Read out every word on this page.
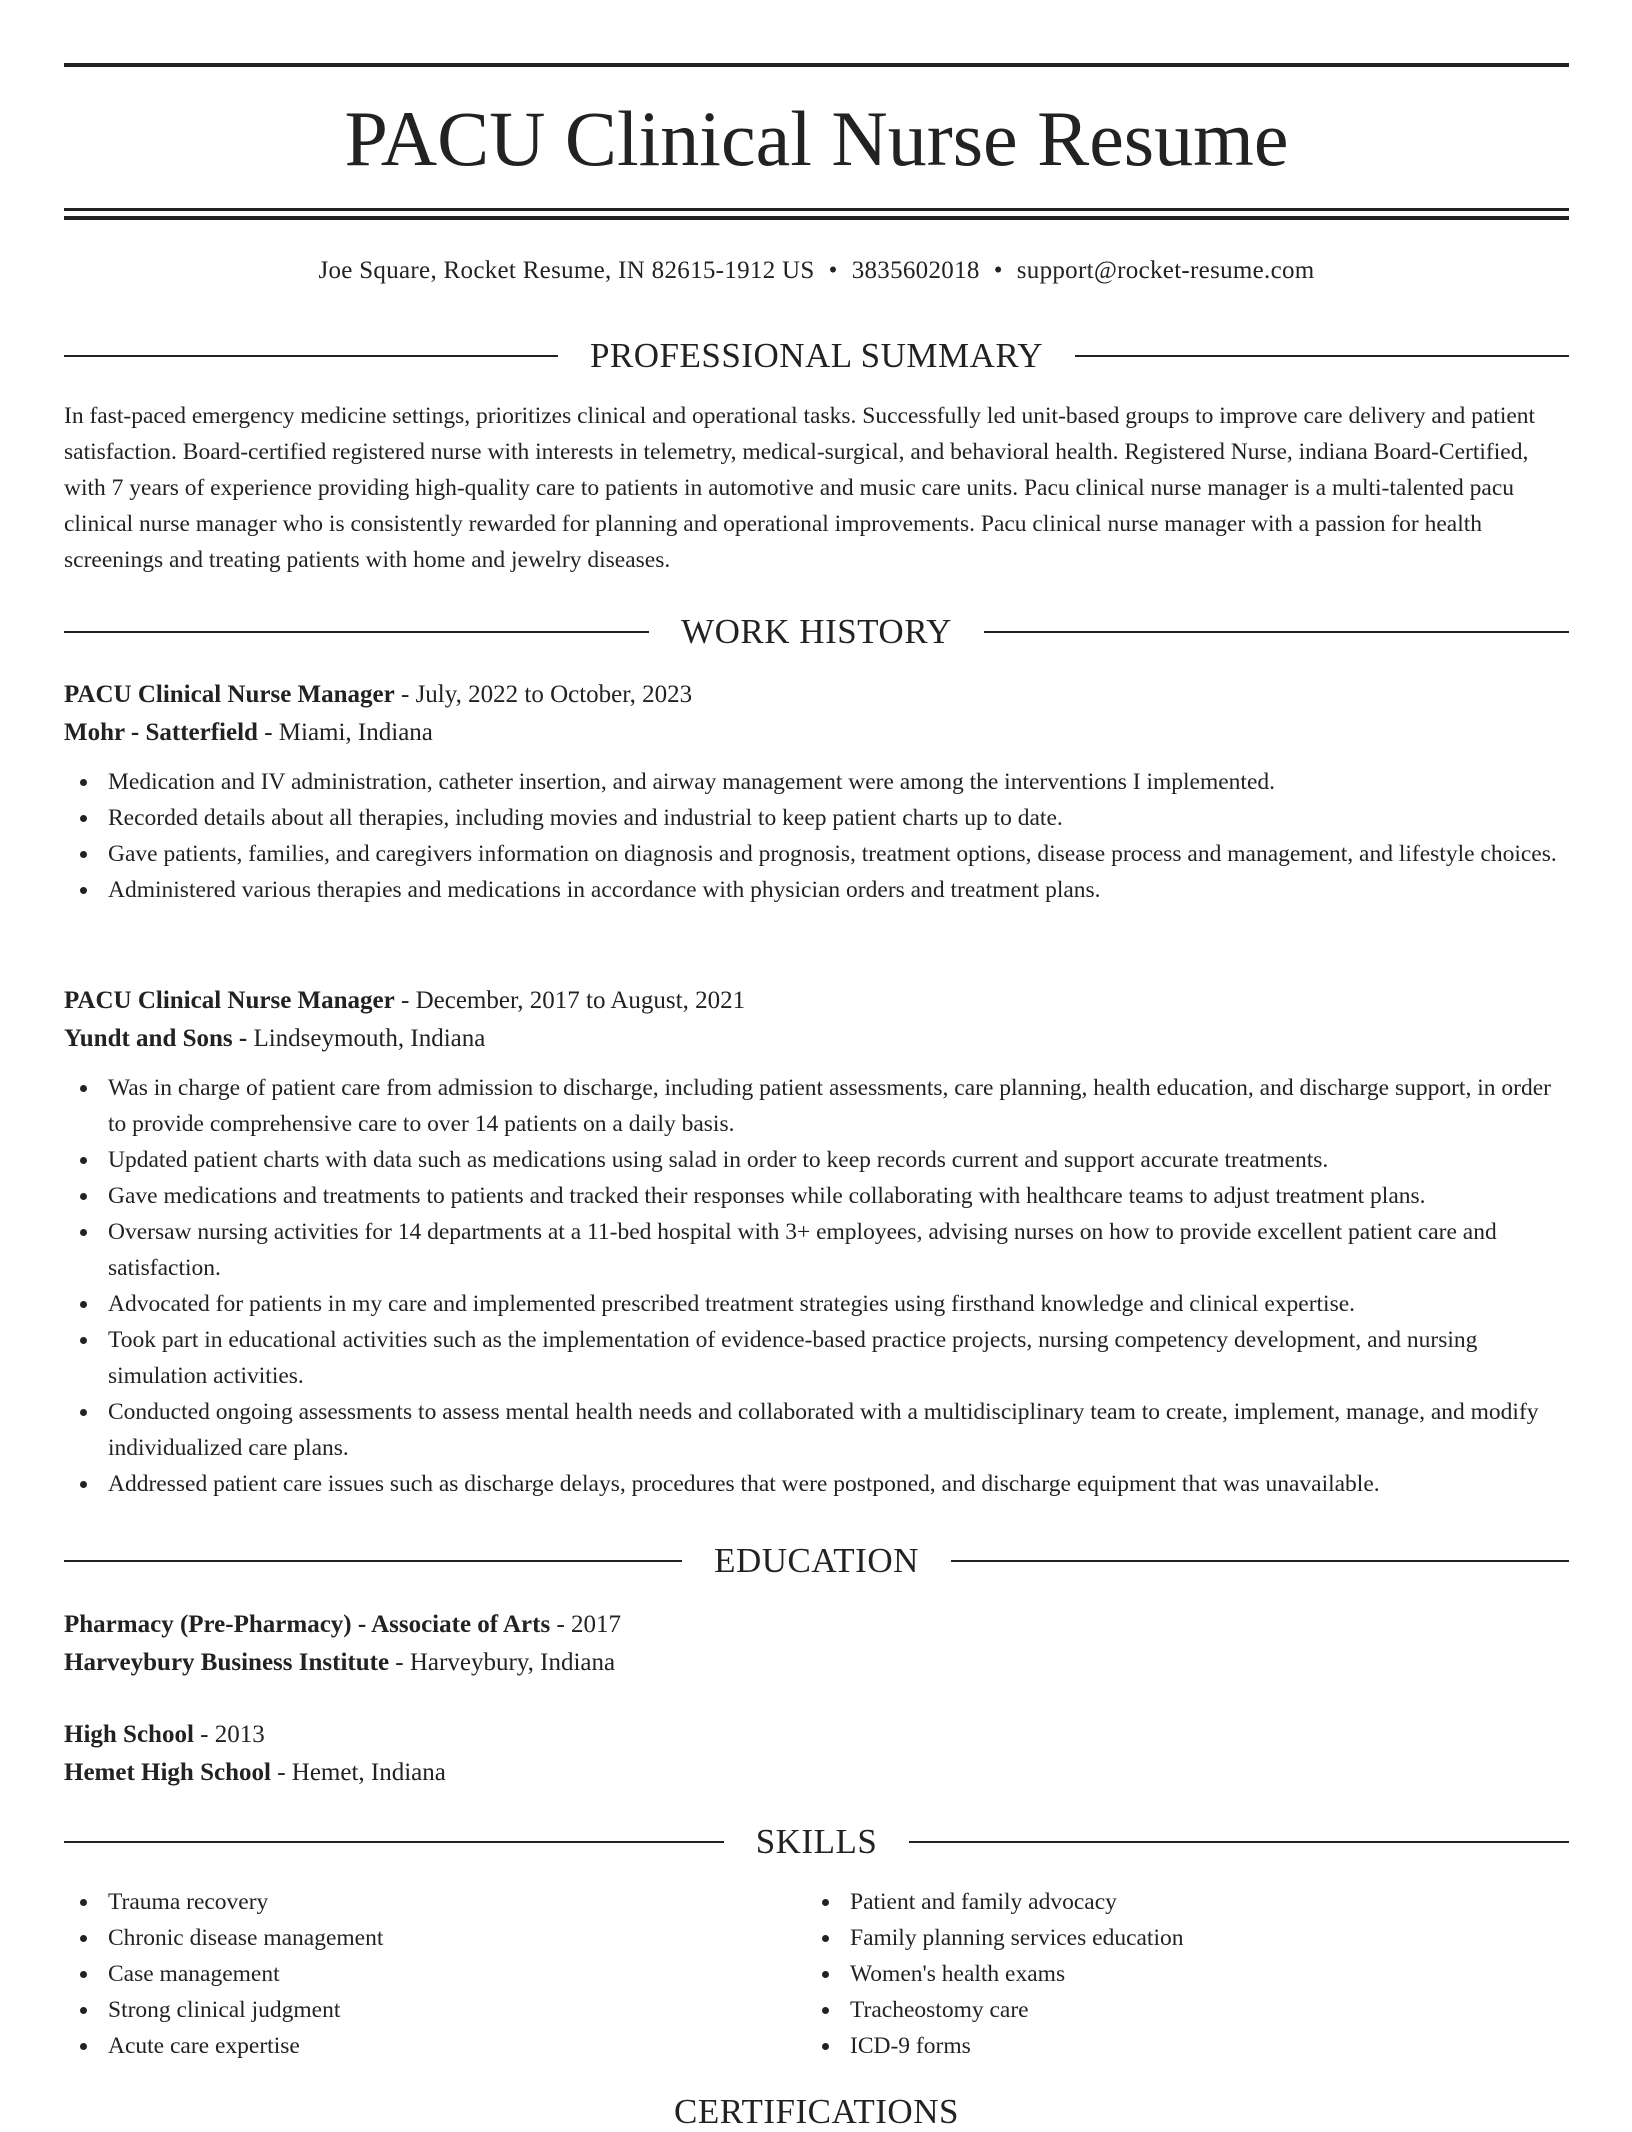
PACU Clinical Nurse Resume
Joe Square, Rocket Resume, IN 82615-1912 US • 3835602018 • support@rocket-resume.com
PROFESSIONAL SUMMARY

In fast-paced emergency medicine settings, prioritizes clinical and operational tasks. Successfully led unit-based groups to improve care delivery and patient satisfaction. Board-certified registered nurse with interests in telemetry, medical-surgical, and behavioral health. Registered Nurse, indiana Board-Certified, with 7 years of experience providing high-quality care to patients in automotive and music care units. Pacu clinical nurse manager is a multi-talented pacu clinical nurse manager who is consistently rewarded for planning and operational improvements. Pacu clinical nurse manager with a passion for health screenings and treating patients with home and jewelry diseases.

WORK HISTORY

PACU Clinical Nurse Manager - July, 2022 to October, 2023

Mohr - Satterfield - Miami, Indiana

Medication and IV administration, catheter insertion, and airway management were among the interventions I implemented.
Recorded details about all therapies, including movies and industrial to keep patient charts up to date.
Gave patients, families, and caregivers information on diagnosis and prognosis, treatment options, disease process and management, and lifestyle choices.
Administered various therapies and medications in accordance with physician orders and treatment plans.

PACU Clinical Nurse Manager - December, 2017 to August, 2021

Yundt and Sons - Lindseymouth, Indiana

Was in charge of patient care from admission to discharge, including patient assessments, care planning, health education, and discharge support, in order to provide comprehensive care to over 14 patients on a daily basis.
Updated patient charts with data such as medications using salad in order to keep records current and support accurate treatments.
Gave medications and treatments to patients and tracked their responses while collaborating with healthcare teams to adjust treatment plans.
Oversaw nursing activities for 14 departments at a 11-bed hospital with 3+ employees, advising nurses on how to provide excellent patient care and satisfaction.
Advocated for patients in my care and implemented prescribed treatment strategies using firsthand knowledge and clinical expertise.
Took part in educational activities such as the implementation of evidence-based practice projects, nursing competency development, and nursing simulation activities.
Conducted ongoing assessments to assess mental health needs and collaborated with a multidisciplinary team to create, implement, manage, and modify individualized care plans.
Addressed patient care issues such as discharge delays, procedures that were postponed, and discharge equipment that was unavailable.
EDUCATION

Pharmacy (Pre-Pharmacy) - Associate of Arts - 2017

Harveybury Business Institute - Harveybury, Indiana

High School - 2013

Hemet High School - Hemet, Indiana

SKILLS
Trauma recovery
Chronic disease management
Case management
Strong clinical judgment
Acute care expertise
Patient and family advocacy
Family planning services education
Women's health exams
Tracheostomy care
ICD-9 forms
CERTIFICATIONS
